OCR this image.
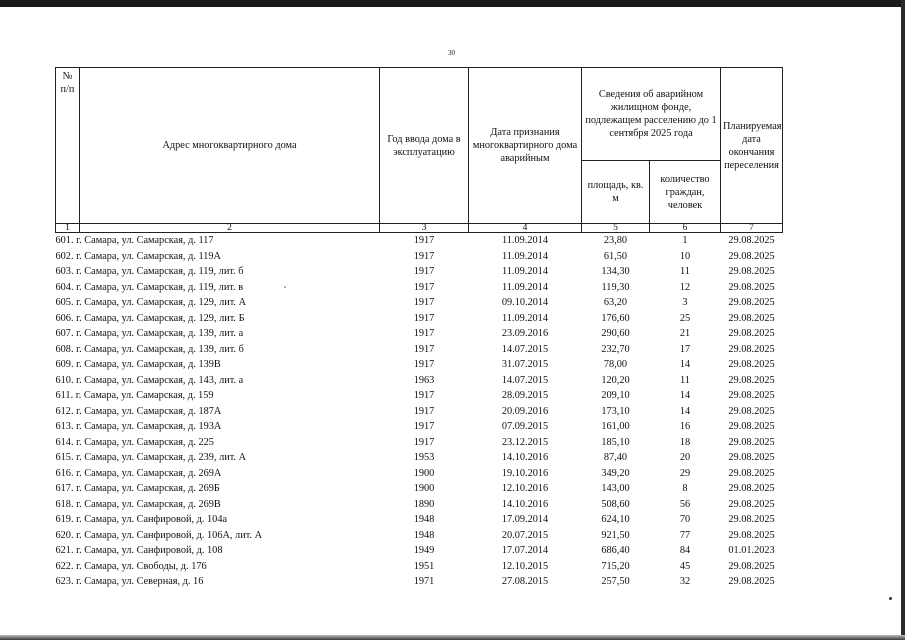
30
№ п/п	Адрес многоквартирного дома	Год ввода дома в эксплуатацию	Дата признания многоквартирного дома аварийным	Сведения об аварийном жилищном фонде, подлежащем расселению до 1 сентября 2025 года		Планируемая дата окончания переселения
				площадь, кв. м	количество граждан, человек	
1	2	3	4	5	6	7
601. г. Самара, ул. Самарская, д. 117		1917	11.09.2014	23,80	1	29.08.2025
602. г. Самара, ул. Самарская, д. 119А		1917	11.09.2014	61,50	10	29.08.2025
603. г. Самара, ул. Самарская, д. 119, лит. б		1917	11.09.2014	134,30	11	29.08.2025
604. г. Самара, ул. Самарская, д. 119, лит. в		1917	11.09.2014	119,30	12	29.08.2025
605. г. Самара, ул. Самарская, д. 129, лит. А		1917	09.10.2014	63,20	3	29.08.2025
606. г. Самара, ул. Самарская, д. 129, лит. Б		1917	11.09.2014	176,60	25	29.08.2025
607. г. Самара, ул. Самарская, д. 139, лит. а		1917	23.09.2016	290,60	21	29.08.2025
608. г. Самара, ул. Самарская, д. 139, лит. б		1917	14.07.2015	232,70	17	29.08.2025
609. г. Самара, ул. Самарская, д. 139В		1917	31.07.2015	78,00	14	29.08.2025
610. г. Самара, ул. Самарская, д. 143, лит. а		1963	14.07.2015	120,20	11	29.08.2025
611. г. Самара, ул. Самарская, д. 159		1917	28.09.2015	209,10	14	29.08.2025
612. г. Самара, ул. Самарская, д. 187А		1917	20.09.2016	173,10	14	29.08.2025
613. г. Самара, ул. Самарская, д. 193А		1917	07.09.2015	161,00	16	29.08.2025
614. г. Самара, ул. Самарская, д. 225		1917	23.12.2015	185,10	18	29.08.2025
615. г. Самара, ул. Самарская, д. 239, лит. А		1953	14.10.2016	87,40	20	29.08.2025
616. г. Самара, ул. Самарская, д. 269А		1900	19.10.2016	349,20	29	29.08.2025
617. г. Самара, ул. Самарская, д. 269Б		1900	12.10.2016	143,00	8	29.08.2025
618. г. Самара, ул. Самарская, д. 269В		1890	14.10.2016	508,60	56	29.08.2025
619. г. Самара, ул. Санфировой, д. 104а		1948	17.09.2014	624,10	70	29.08.2025
620. г. Самара, ул. Санфировой, д. 106А, лит. А		1948	20.07.2015	921,50	77	29.08.2025
621. г. Самара, ул. Санфировой, д. 108		1949	17.07.2014	686,40	84	01.01.2023
622. г. Самара, ул. Свободы, д. 176		1951	12.10.2015	715,20	45	29.08.2025
623. г. Самара, ул. Северная, д. 16		1971	27.08.2015	257,50	32	29.08.2025
